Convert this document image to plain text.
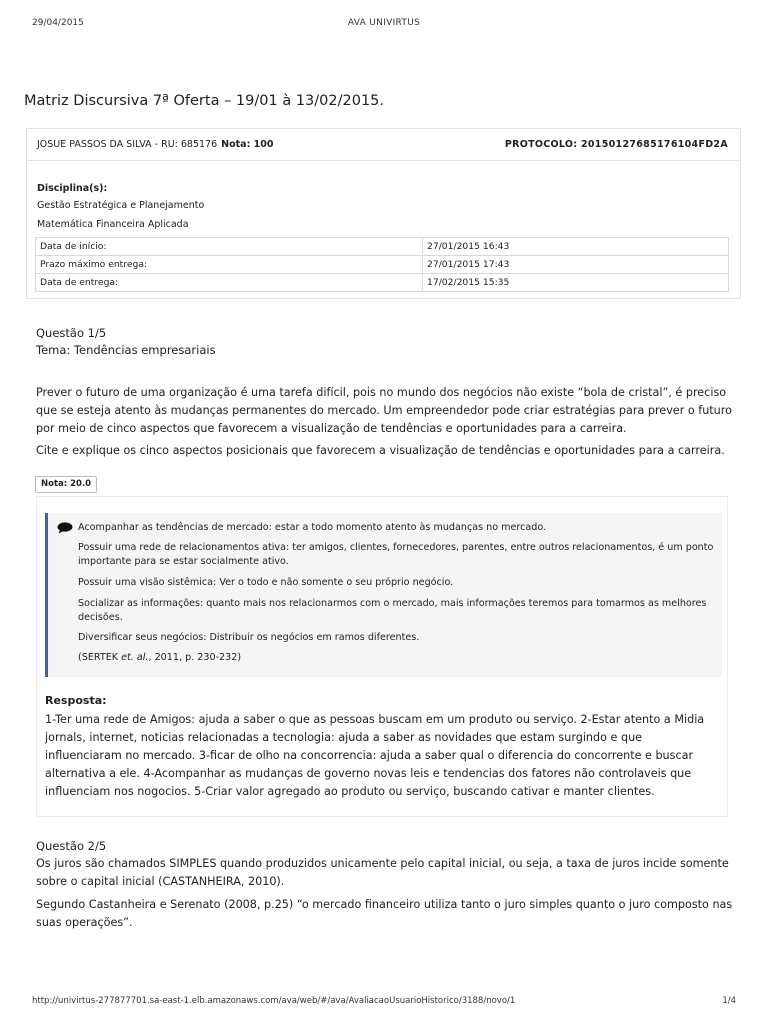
29/04/2015	AVA UNIVIRTUS
Matriz Discursiva 7ª Oferta – 19/01 à 13/02/2015.
JOSUE PASSOS DA SILVA - RU: 685176 Nota: 100	PROTOCOLO: 20150127685176104FD2A
Disciplina(s):
Gestão Estratégica e Planejamento
Matemática Financeira Aplicada
Data de início:	27/01/2015 16:43
Prazo máximo entrega:	27/01/2015 17:43
Data de entrega:	17/02/2015 15:35
Questão 1/5
Tema: Tendências empresariais

Prever o futuro de uma organização é uma tarefa difícil, pois no mundo dos negócios não existe “bola de cristal”, é preciso que se esteja atento às mudanças permanentes do mercado. Um empreendedor pode criar estratégias para prever o futuro por meio de cinco aspectos que favorecem a visualização de tendências e oportunidades para a carreira.

Cite e explique os cinco aspectos posicionais que favorecem a visualização de tendências e oportunidades para a carreira.

Nota: 20.0
Acompanhar as tendências de mercado: estar a todo momento atento às mudanças no mercado.
Possuir uma rede de relacionamentos ativa: ter amigos, clientes, fornecedores, parentes, entre outros relacionamentos, é um ponto importante para se estar socialmente ativo.
Possuir uma visão sistêmica: Ver o todo e não somente o seu próprio negócio.
Socializar as informações: quanto mais nos relacionarmos com o mercado, mais informações teremos para tomarmos as melhores decisões.
Diversificar seus negócios: Distribuir os negócios em ramos diferentes.
(SERTEK et. al., 2011, p. 230-232)
Resposta:

1-Ter uma rede de Amigos: ajuda a saber o que as pessoas buscam em um produto ou serviço. 2-Estar atento a Midia jornals, internet, noticias relacionadas a tecnologia: ajuda a saber as novidades que estam surgindo e que influenciaram no mercado. 3-ficar de olho na concorrencia: ajuda a saber qual o diferencia do concorrente e buscar alternativa a ele. 4-Acompanhar as mudanças de governo novas leis e tendencias dos fatores não controlaveis que influenciam nos nogocios. 5-Criar valor agregado ao produto ou serviço, buscando cativar e manter clientes.

Questão 2/5

Os juros são chamados SIMPLES quando produzidos unicamente pelo capital inicial, ou seja, a taxa de juros incide somente sobre o capital inicial (CASTANHEIRA, 2010).

Segundo Castanheira e Serenato (2008, p.25) “o mercado financeiro utiliza tanto o juro simples quanto o juro composto nas suas operações”.

http://univirtus-277877701.sa-east-1.elb.amazonaws.com/ava/web/#/ava/AvaliacaoUsuarioHistorico/3188/novo/1	1/4
